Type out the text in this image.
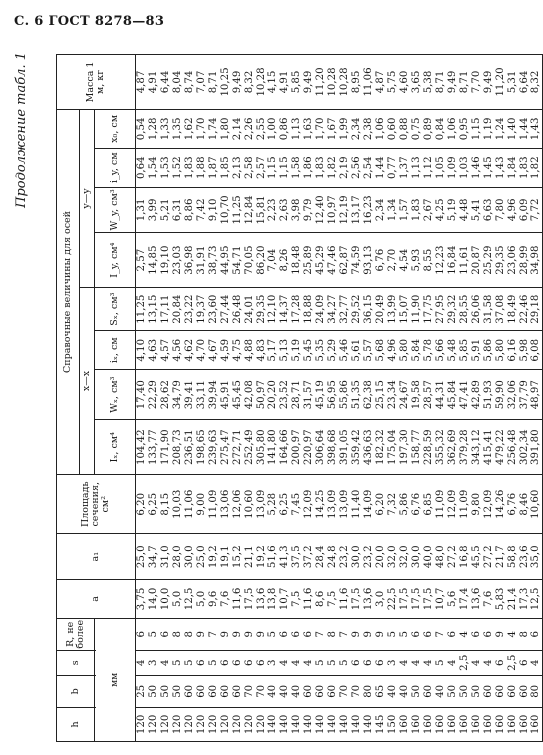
С. 6 ГОСТ 8278—83
Продолжение табл. 1
h	b	s	R, не более	a	a₁	Площадь сечения, см²	Справочные величины для осей								Масса 1 м, кг
							x—x				y—y				
							Iₓ, см⁴	Wₓ, см³	iₓ, см	Sₓ, см³	I_y, см⁴	W_y, см³	i_y, см	x₀, см	
мм															
120	25	4	6	3,75	25,0	6,20	104,42	17,40	4,10	11,25	2,57	1,31	0,64	0,54	4,87
120	50	3	5	14,0	34,7	6,25	133,77	22,29	4,63	13,15	14,85	3,99	1,54	1,28	4,91
120	50	4	6	10,0	31,0	8,15	171,90	28,62	4,57	17,11	19,10	5,21	1,53	1,33	6,44
120	50	5	8	5,0	28,0	10,03	208,73	34,79	4,56	20,84	23,03	6,31	1,52	1,35	8,04
120	60	5	8	12,5	30,0	11,06	236,51	39,41	4,62	23,22	36,98	8,86	1,83	1,62	8,74
120	60	6	9	5,0	25,0	9,00	198,65	33,11	4,70	19,37	31,91	7,42	1,88	1,70	7,07
120	60	5	7	9,6	19,2	11,09	239,63	39,94	4,67	23,60	38,73	9,10	1,87	1,74	8,71
120	60	6	9	7,6	19,1	13,06	275,47	45,91	4,59	27,44	44,95	10,70	1,85	1,80	10,25
120	60	6	9	11,6	15,2	12,06	272,71	45,45	4,75	26,48	54,71	11,25	2,13	2,14	9,49
120	70	6	9	17,5	21,1	10,60	252,49	42,08	4,88	24,01	70,05	12,84	2,58	2,26	8,32
120	70	6	9	13,6	19,2	13,09	305,80	50,97	4,83	29,35	86,20	15,81	2,57	2,55	10,28
140	40	3	5	13,8	51,6	5,28	141,80	20,20	5,17	12,10	7,04	2,23	1,15	1,00	4,15
140	40	4	6	10,7	41,3	6,25	164,66	23,52	5,13	14,37	8,26	2,63	1,15	0,86	4,91
140	40	4	6	7,5	37,5	7,45	200,97	28,71	5,19	17,28	18,48	3,98	1,58	1,13	5,85
140	60	4	6	11,6	37,2	12,09	220,97	31,57	5,45	18,88	25,89	9,79	1,86	1,63	9,49
140	60	5	7	8,6	28,4	14,25	306,64	45,19	5,35	24,09	45,29	12,40	1,83	1,70	11,20
140	60	5	8	7,5	24,8	13,09	398,68	56,95	5,29	34,27	47,46	10,97	1,82	1,67	10,28
140	70	5	7	11,6	23,2	13,09	391,05	55,86	5,46	32,77	62,87	12,19	2,19	1,99	10,28
140	70	6	9	17,5	30,0	11,40	359,42	51,35	5,61	29,52	74,59	13,17	2,56	2,34	8,95
140	80	6	9	13,6	23,2	14,09	436,63	62,38	5,57	36,15	93,13	16,23	2,54	2,38	11,06
145	65	6	9	3,0	20,0	6,20	182,32	25,15	5,68	20,49	6,76	2,34	1,44	1,06	4,87
150	40	3	5	22,5	32,0	7,32	175,04	23,34	4,96	13,99	2,70	1,34	0,77	0,60	5,75
160	40	4	5	17,5	32,0	5,86	197,30	24,67	5,80	15,07	4,54	1,57	1,37	0,88	4,60
160	50	4	6	17,5	30,0	6,76	158,77	19,58	5,84	11,90	5,93	1,83	1,13	0,75	3,65
160	60	4	6	17,5	40,0	6,85	228,59	28,57	5,78	17,75	8,55	2,67	1,12	0,89	5,38
160	40	5	7	10,7	48,0	11,09	355,32	44,31	5,66	27,95	12,23	4,25	1,05	0,84	8,71
160	50	4	6	5,6	27,2	12,09	362,69	45,84	5,48	29,32	16,84	5,19	1,09	1,06	9,49
160	50	2,5	4	17,4	16,8	11,09	379,28	47,41	5,85	28,55	11,61	4,48	1,03	0,95	8,71
160	50	4	6	13,6	45,5	9,80	343,12	42,89	5,91	26,06	20,87	5,41	1,46	1,15	7,70
160	60	4	6	7,6	27,2	12,09	415,41	51,93	5,86	31,58	25,29	6,63	1,45	1,19	9,49
160	60	6	9	5,83	21,7	14,26	479,22	59,90	5,80	37,08	29,35	7,80	1,43	1,24	11,20
160	60	2,5	4	21,4	58,8	6,76	256,48	32,06	6,16	18,49	23,06	4,96	1,84	1,40	5,31
160	60	6	8	17,3	23,6	8,46	302,34	37,79	5,98	22,46	28,99	6,09	1,83	1,44	6,64
160	80	4	6	12,5	35,0	10,60	391,80	48,97	6,08	29,18	34,98	7,72	1,82	1,43	8,32
